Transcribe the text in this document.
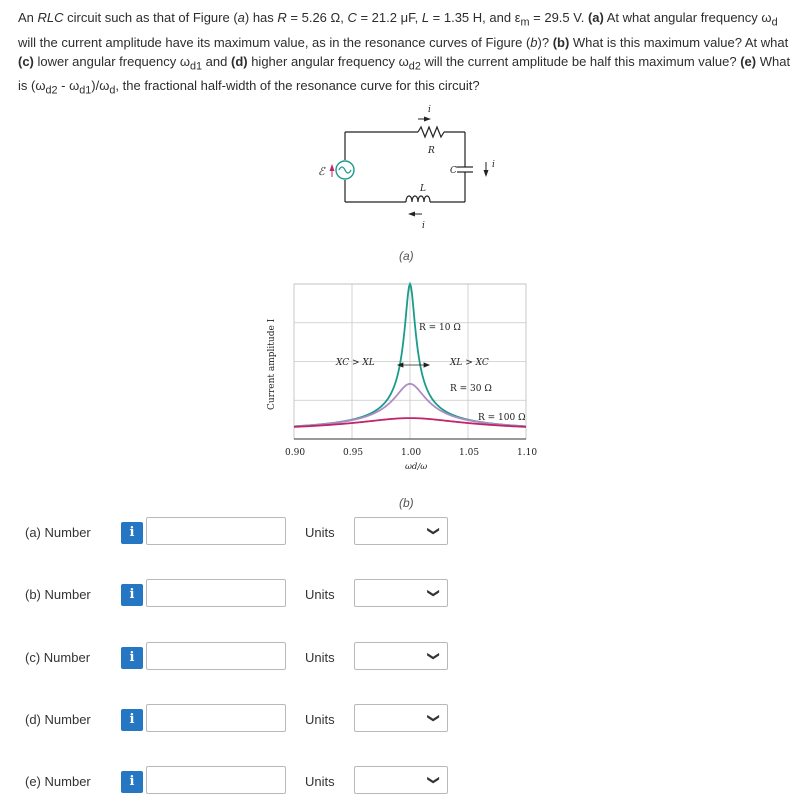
An RLC circuit such as that of Figure (a) has R = 5.26 Ω, C = 21.2 μF, L = 1.35 H, and $\varepsilon_m = 29.5$ V. (a) At what angular frequency $\omega_d$ will the current amplitude have its maximum value, as in the resonance curves of Figure (b)? (b) What is this maximum value? At what (c) lower angular frequency $\omega_{d1}$ and (d) higher angular frequency $\omega_{d2}$ will the current amplitude be half this maximum value? (e) What is $(\omega_{d2} - \omega_{d1})/\omega_d$, the fractional half-width of the resonance curve for this circuit?
i
R
C
i
L
i
ℰ
(a)
R = 10 Ω
XC > XL	XL > XC
R = 30 Ω
R = 100 Ω
ωd/ω
Current amplitude I
0.90	0.95	1.00	1.05	1.10
(b)
(a) Number	i	Units	❯
(b) Number	i	Units	❯
(c) Number	i	Units	❯
(d) Number	i	Units	❯
(e) Number	i	Units	❯
